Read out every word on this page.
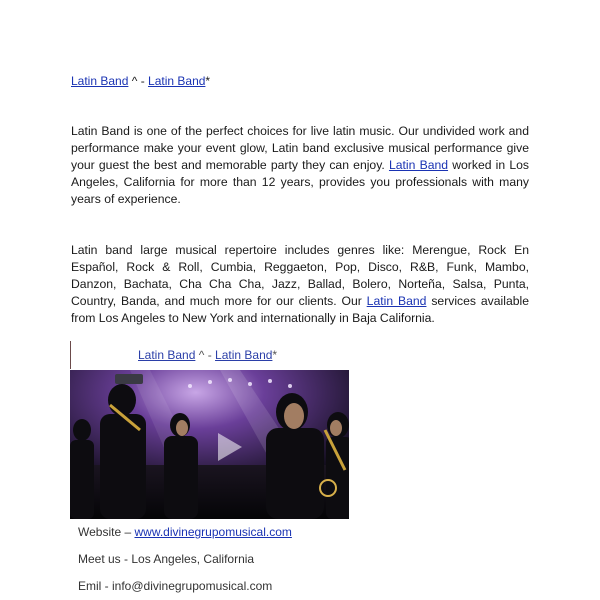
Latin Band ^ - Latin Band*

Latin Band is one of the perfect choices for live latin music. Our undivided work and performance make your event glow, Latin band exclusive musical performance give your guest the best and memorable party they can enjoy. Latin Band worked in Los Angeles, California for more than 12 years, provides you professionals with many years of experience.

Latin band large musical repertoire includes genres like: Merengue, Rock En Español, Rock & Roll, Cumbia, Reggaeton, Pop, Disco, R&B, Funk, Mambo, Danzon, Bachata, Cha Cha Cha, Jazz, Ballad, Bolero, Norteña, Salsa, Punta, Country, Banda, and much more for our clients. Our Latin Band services available from Los Angeles to New York and internationally in Baja California.

Latin Band ^ - Latin Band*
Website – www.divinegrupomusical.com
Meet us - Los Angeles, California
Emil - info@divinegrupomusical.com
